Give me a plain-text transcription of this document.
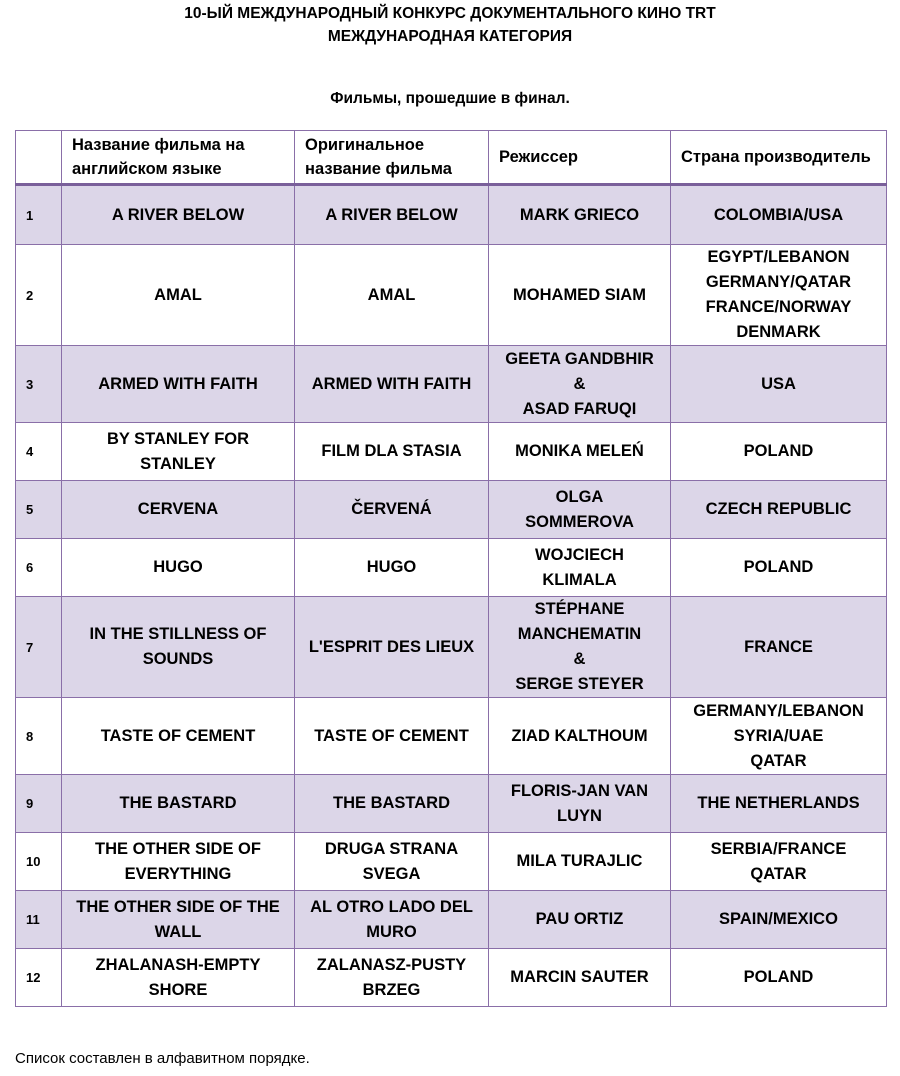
10-ЫЙ МЕЖДУНАРОДНЫЙ КОНКУРС ДОКУМЕНТАЛЬНОГО КИНО TRT
МЕЖДУНАРОДНАЯ КАТЕГОРИЯ
Фильмы, прошедшие в финал.
	Название фильма на английском языке	Оригинальное название фильма	Режиссер	Страна производитель
1	A RIVER BELOW	A RIVER BELOW	MARK GRIECO	COLOMBIA/USA
2	AMAL	AMAL	MOHAMED SIAM	EGYPT/LEBANON
GERMANY/QATAR
FRANCE/NORWAY
DENMARK
3	ARMED WITH FAITH	ARMED WITH FAITH	GEETA GANDBHIR
&
ASAD FARUQI	USA
4	BY STANLEY FOR
STANLEY	FILM DLA STASIA	MONIKA MELEŃ	POLAND
5	CERVENA	ČERVENÁ	OLGA
SOMMEROVA	CZECH REPUBLIC
6	HUGO	HUGO	WOJCIECH
KLIMALA	POLAND
7	IN THE STILLNESS OF
SOUNDS	L'ESPRIT DES LIEUX	STÉPHANE
MANCHEMATIN
&
SERGE STEYER	FRANCE
8	TASTE OF CEMENT	TASTE OF CEMENT	ZIAD KALTHOUM	GERMANY/LEBANON
SYRIA/UAE
QATAR
9	THE BASTARD	THE BASTARD	FLORIS-JAN VAN
LUYN	THE NETHERLANDS
10	THE OTHER SIDE OF
EVERYTHING	DRUGA STRANA
SVEGA	MILA TURAJLIC	SERBIA/FRANCE
QATAR
11	THE OTHER SIDE OF THE
WALL	AL OTRO LADO DEL
MURO	PAU ORTIZ	SPAIN/MEXICO
12	ZHALANASH-EMPTY
SHORE	ZALANASZ-PUSTY
BRZEG	MARCIN SAUTER	POLAND
Список составлен в алфавитном порядке.
